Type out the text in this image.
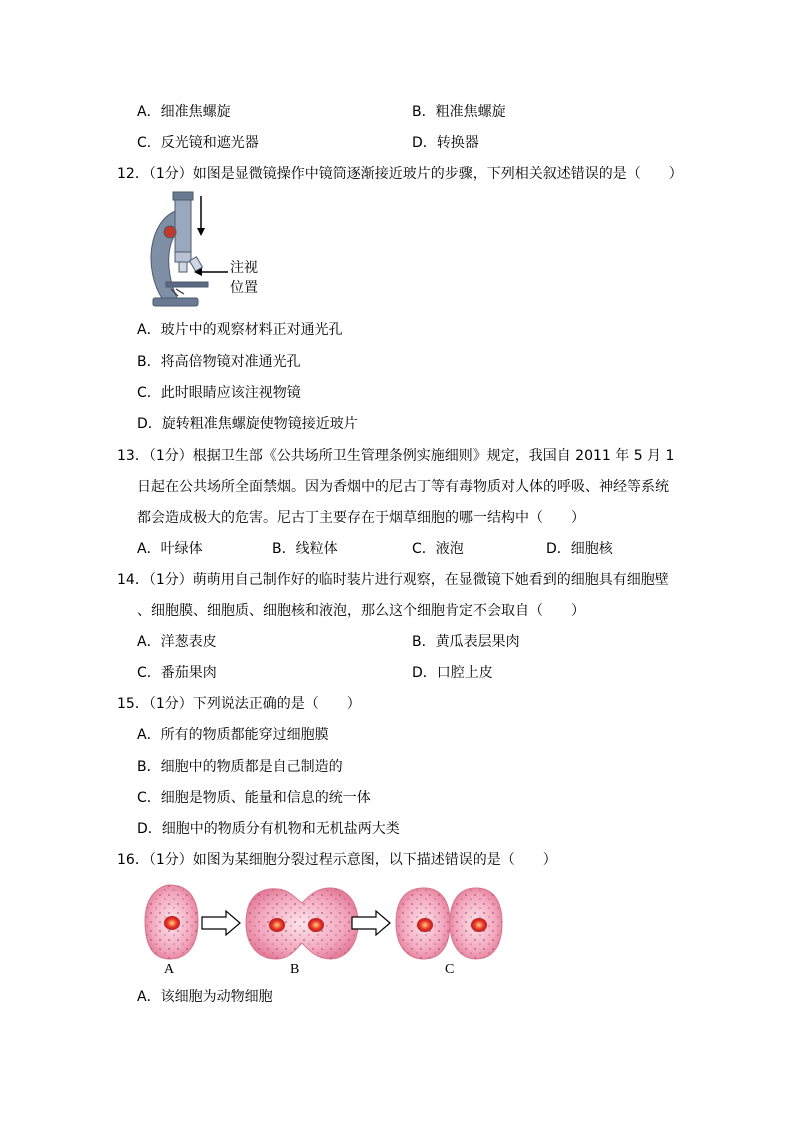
A．细准焦螺旋	B．粗准焦螺旋
C．反光镜和遮光器	D．转换器
12．（1分）如图是显微镜操作中镜筒逐渐接近玻片的步骤，下列相关叙述错误的是（　　）
注视
位置
A．玻片中的观察材料正对通光孔
B．将高倍物镜对准通光孔
C．此时眼睛应该注视物镜
D．旋转粗准焦螺旋使物镜接近玻片
13．（1分）根据卫生部《公共场所卫生管理条例实施细则》规定，我国自 2011 年 5 月 1
日起在公共场所全面禁烟。因为香烟中的尼古丁等有毒物质对人体的呼吸、神经等系统
都会造成极大的危害。尼古丁主要存在于烟草细胞的哪一结构中（　　）
A．叶绿体	B．线粒体	C．液泡	D．细胞核
14．（1分）萌萌用自己制作好的临时装片进行观察，在显微镜下她看到的细胞具有细胞壁
、细胞膜、细胞质、细胞核和液泡，那么这个细胞肯定不会取自（　　）
A．洋葱表皮	B．黄瓜表层果肉
C．番茄果肉	D．口腔上皮
15．（1分）下列说法正确的是（　　）
A．所有的物质都能穿过细胞膜
B．细胞中的物质都是自己制造的
C．细胞是物质、能量和信息的统一体
D．细胞中的物质分有机物和无机盐两大类
16．（1分）如图为某细胞分裂过程示意图，以下描述错误的是（　　）
A	B	C
A．该细胞为动物细胞
